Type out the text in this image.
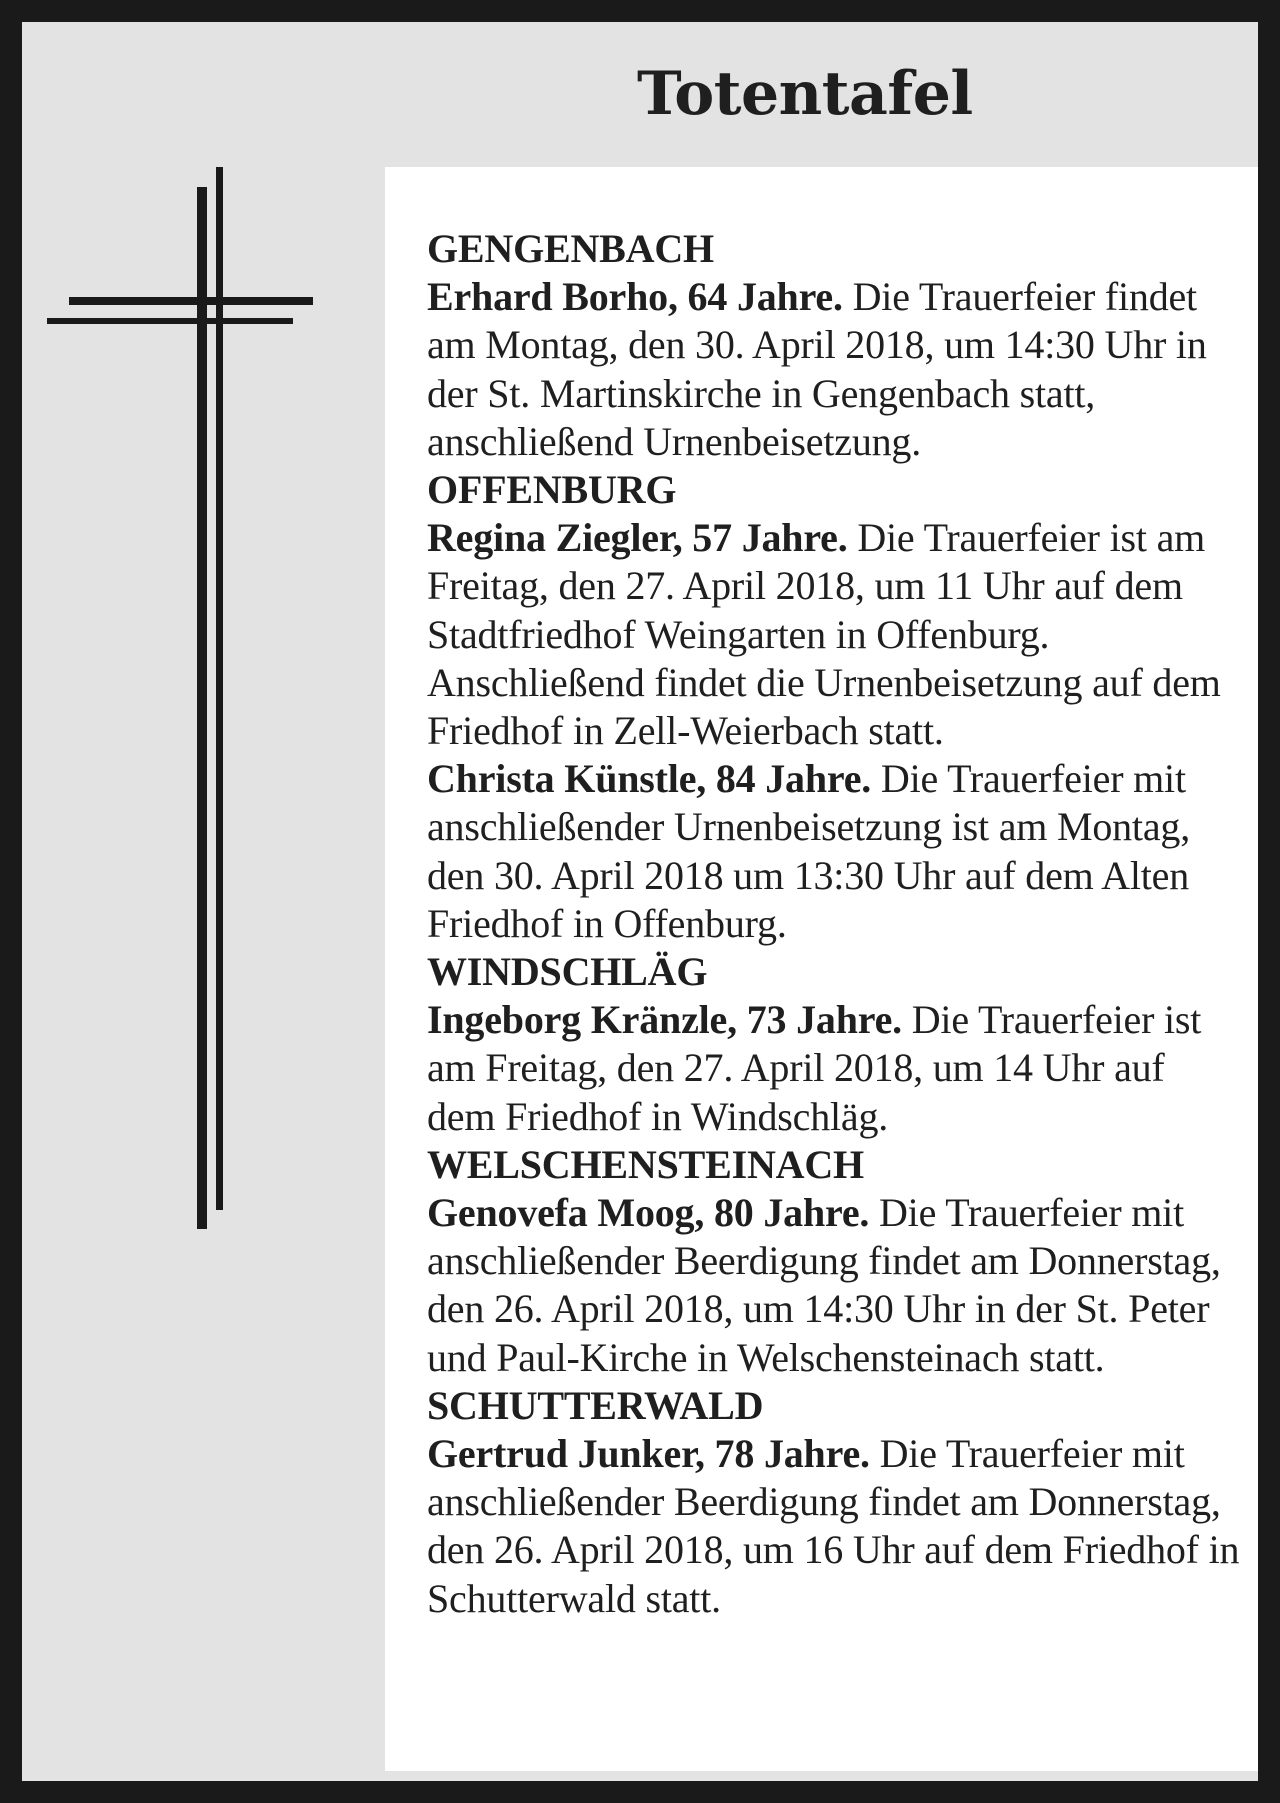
Totentafel
GENGENBACH

Erhard Borho, 64 Jahre. Die Trauerfeier findet am Montag, den 30. April 2018, um 14:30 Uhr in der St. Martinskirche in Gengenbach statt, anschließend Urnenbeisetzung.

OFFENBURG

Regina Ziegler, 57 Jahre. Die Trauerfeier ist am Freitag, den 27. April 2018, um 11 Uhr auf dem Stadtfriedhof Weingarten in Offenburg. Anschließend findet die Urnenbeisetzung auf dem Friedhof in Zell-Weierbach statt.

Christa Künstle, 84 Jahre. Die Trauerfeier mit anschließender Urnenbeisetzung ist am Montag, den 30. April 2018 um 13:30 Uhr auf dem Alten Friedhof in Offenburg.

WINDSCHLÄG

Ingeborg Kränzle, 73 Jahre. Die Trauerfeier ist am Freitag, den 27. April 2018, um 14 Uhr auf dem Friedhof in Windschläg.

WELSCHENSTEINACH

Genovefa Moog, 80 Jahre. Die Trauerfeier mit anschließender Beerdigung findet am Donnerstag, den 26. April 2018, um 14:30 Uhr in der St. Peter und Paul-Kirche in Welschensteinach statt.

SCHUTTERWALD

Gertrud Junker, 78 Jahre. Die Trauerfeier mit anschließender Beerdigung findet am Donnerstag, den 26. April 2018, um 16 Uhr auf dem Friedhof in Schutterwald statt.
